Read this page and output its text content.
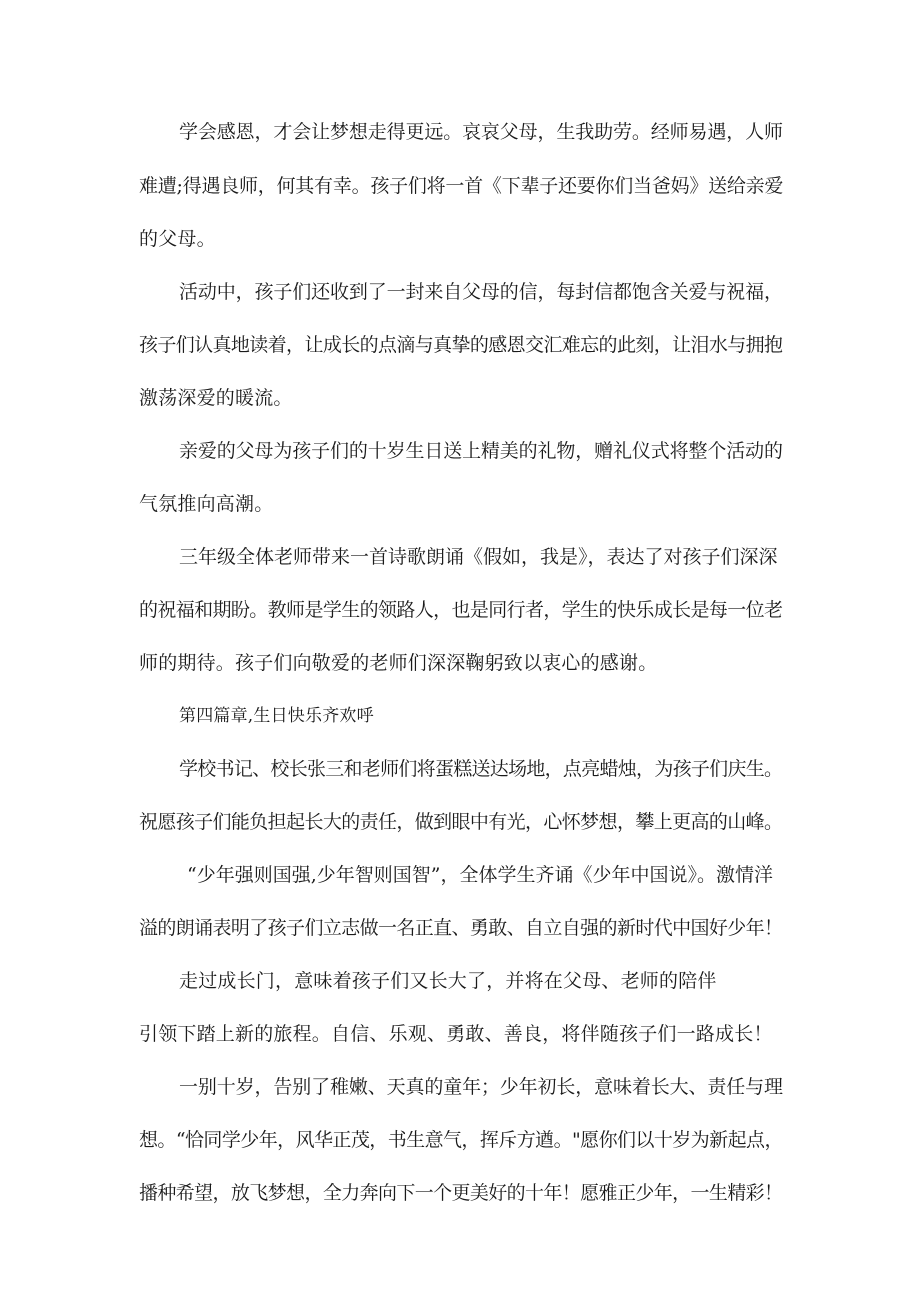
学会感恩，才会让梦想走得更远。哀哀父母，生我助劳。经师易遇，人师
难遭;得遇良师，何其有幸。孩子们将一首《下辈子还要你们当爸妈》送给亲爱
的父母。
活动中，孩子们还收到了一封来自父母的信，每封信都饱含关爱与祝福，
孩子们认真地读着，让成长的点滴与真挚的感恩交汇难忘的此刻，让泪水与拥抱
激荡深爱的暖流。
亲爱的父母为孩子们的十岁生日送上精美的礼物，赠礼仪式将整个活动的
气氛推向高潮。
三年级全体老师带来一首诗歌朗诵《假如，我是》，表达了对孩子们深深
的祝福和期盼。教师是学生的领路人，也是同行者，学生的快乐成长是每一位老
师的期待。孩子们向敬爱的老师们深深鞠躬致以衷心的感谢。
第四篇章,生日快乐齐欢呼
学校书记、校长张三和老师们将蛋糕送达场地，点亮蜡烛，为孩子们庆生。
祝愿孩子们能负担起长大的责任，做到眼中有光，心怀梦想，攀上更高的山峰。
“少年强则国强,少年智则国智”，全体学生齐诵《少年中国说》。激情洋
溢的朗诵表明了孩子们立志做一名正直、勇敢、自立自强的新时代中国好少年！
走过成长门，意味着孩子们又长大了，并将在父母、老师的陪伴
引领下踏上新的旅程。自信、乐观、勇敢、善良，将伴随孩子们一路成长！
一别十岁，告别了稚嫩、天真的童年；少年初长，意味着长大、责任与理
想。“恰同学少年，风华正茂，书生意气，挥斥方遒。"愿你们以十岁为新起点，
播种希望，放飞梦想，全力奔向下一个更美好的十年！愿雅正少年，一生精彩！
